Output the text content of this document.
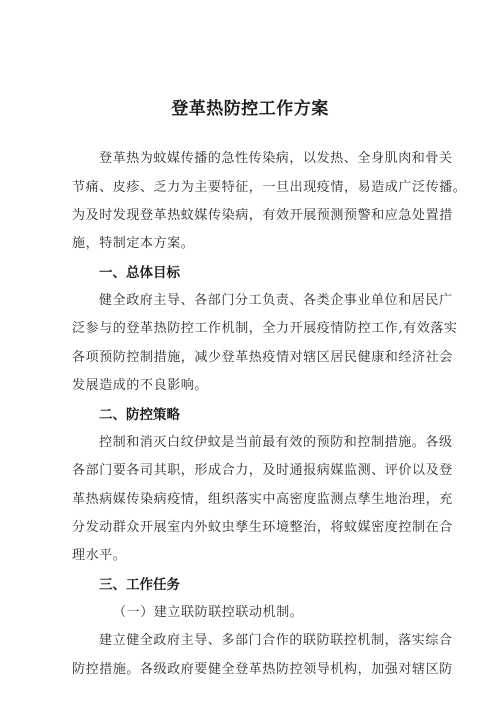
登革热防控工作方案
登革热为蚊媒传播的急性传染病，以发热、全身肌肉和骨关
节痛、皮疹、乏力为主要特征，一旦出现疫情，易造成广泛传播。
为及时发现登革热蚊媒传染病，有效开展预测预警和应急处置措
施，特制定本方案。
一、总体目标
健全政府主导、各部门分工负责、各类企事业单位和居民广
泛参与的登革热防控工作机制，全力开展疫情防控工作,有效落实
各项预防控制措施，减少登革热疫情对辖区居民健康和经济社会
发展造成的不良影响。
二、防控策略
控制和消灭白纹伊蚊是当前最有效的预防和控制措施。各级
各部门要各司其职，形成合力，及时通报病媒监测、评价以及登
革热病媒传染病疫情，组织落实中高密度监测点孳生地治理，充
分发动群众开展室内外蚊虫孳生环境整治，将蚊媒密度控制在合
理水平。
三、工作任务
（一）建立联防联控联动机制。
建立健全政府主导、多部门合作的联防联控机制，落实综合
防控措施。各级政府要健全登革热防控领导机构，加强对辖区防
